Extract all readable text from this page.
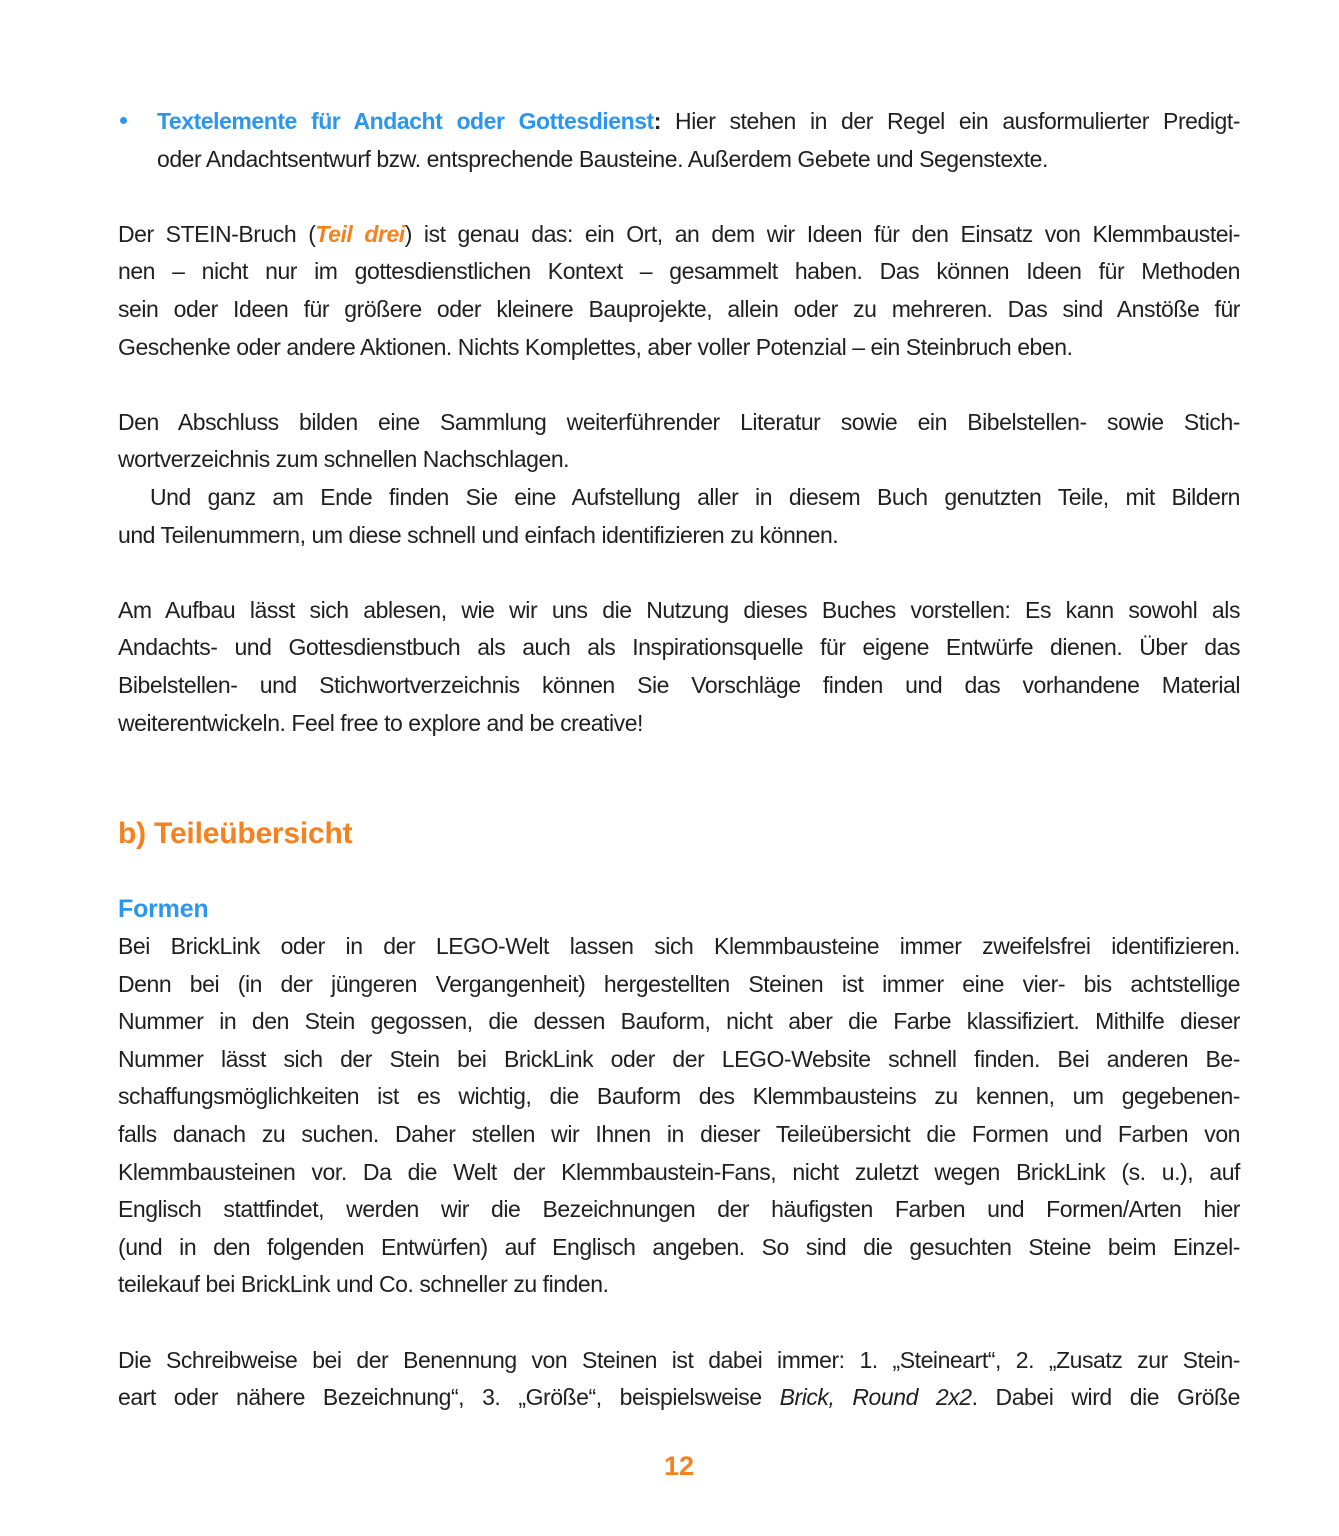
Textelemente für Andacht oder Gottesdienst: Hier stehen in der Regel ein ausformulierter Predigt-
oder Andachtsentwurf bzw. entsprechende Bausteine. Außerdem Gebete und Segenstexte.
Der STEIN-Bruch (Teil drei) ist genau das: ein Ort, an dem wir Ideen für den Einsatz von Klemmbaustei-
nen – nicht nur im gottesdienstlichen Kontext – gesammelt haben. Das können Ideen für Methoden
sein oder Ideen für größere oder kleinere Bauprojekte, allein oder zu mehreren. Das sind Anstöße für
Geschenke oder andere Aktionen. Nichts Komplettes, aber voller Potenzial – ein Steinbruch eben.
Den Abschluss bilden eine Sammlung weiterführender Literatur sowie ein Bibelstellen- sowie Stich-
wortverzeichnis zum schnellen Nachschlagen.
Und ganz am Ende finden Sie eine Aufstellung aller in diesem Buch genutzten Teile, mit Bildern
und Teilenummern, um diese schnell und einfach identifizieren zu können.
Am Aufbau lässt sich ablesen, wie wir uns die Nutzung dieses Buches vorstellen: Es kann sowohl als
Andachts- und Gottesdienstbuch als auch als Inspirationsquelle für eigene Entwürfe dienen. Über das
Bibelstellen- und Stichwortverzeichnis können Sie Vorschläge finden und das vorhandene Material
weiterentwickeln. Feel free to explore and be creative!
b) Teileübersicht
Formen
Bei BrickLink oder in der LEGO-Welt lassen sich Klemmbausteine immer zweifelsfrei identifizieren.
Denn bei (in der jüngeren Vergangenheit) hergestellten Steinen ist immer eine vier- bis achtstellige
Nummer in den Stein gegossen, die dessen Bauform, nicht aber die Farbe klassifiziert. Mithilfe dieser
Nummer lässt sich der Stein bei BrickLink oder der LEGO-Website schnell finden. Bei anderen Be-
schaffungsmöglichkeiten ist es wichtig, die Bauform des Klemmbausteins zu kennen, um gegebenen-
falls danach zu suchen. Daher stellen wir Ihnen in dieser Teileübersicht die Formen und Farben von
Klemmbausteinen vor. Da die Welt der Klemmbaustein-Fans, nicht zuletzt wegen BrickLink (s. u.), auf
Englisch stattfindet, werden wir die Bezeichnungen der häufigsten Farben und Formen/Arten hier
(und in den folgenden Entwürfen) auf Englisch angeben. So sind die gesuchten Steine beim Einzel-
teilekauf bei BrickLink und Co. schneller zu finden.
Die Schreibweise bei der Benennung von Steinen ist dabei immer: 1. „Steineart“, 2. „Zusatz zur Stein-
eart oder nähere Bezeichnung“, 3. „Größe“, beispielsweise Brick, Round 2x2. Dabei wird die Größe
12
